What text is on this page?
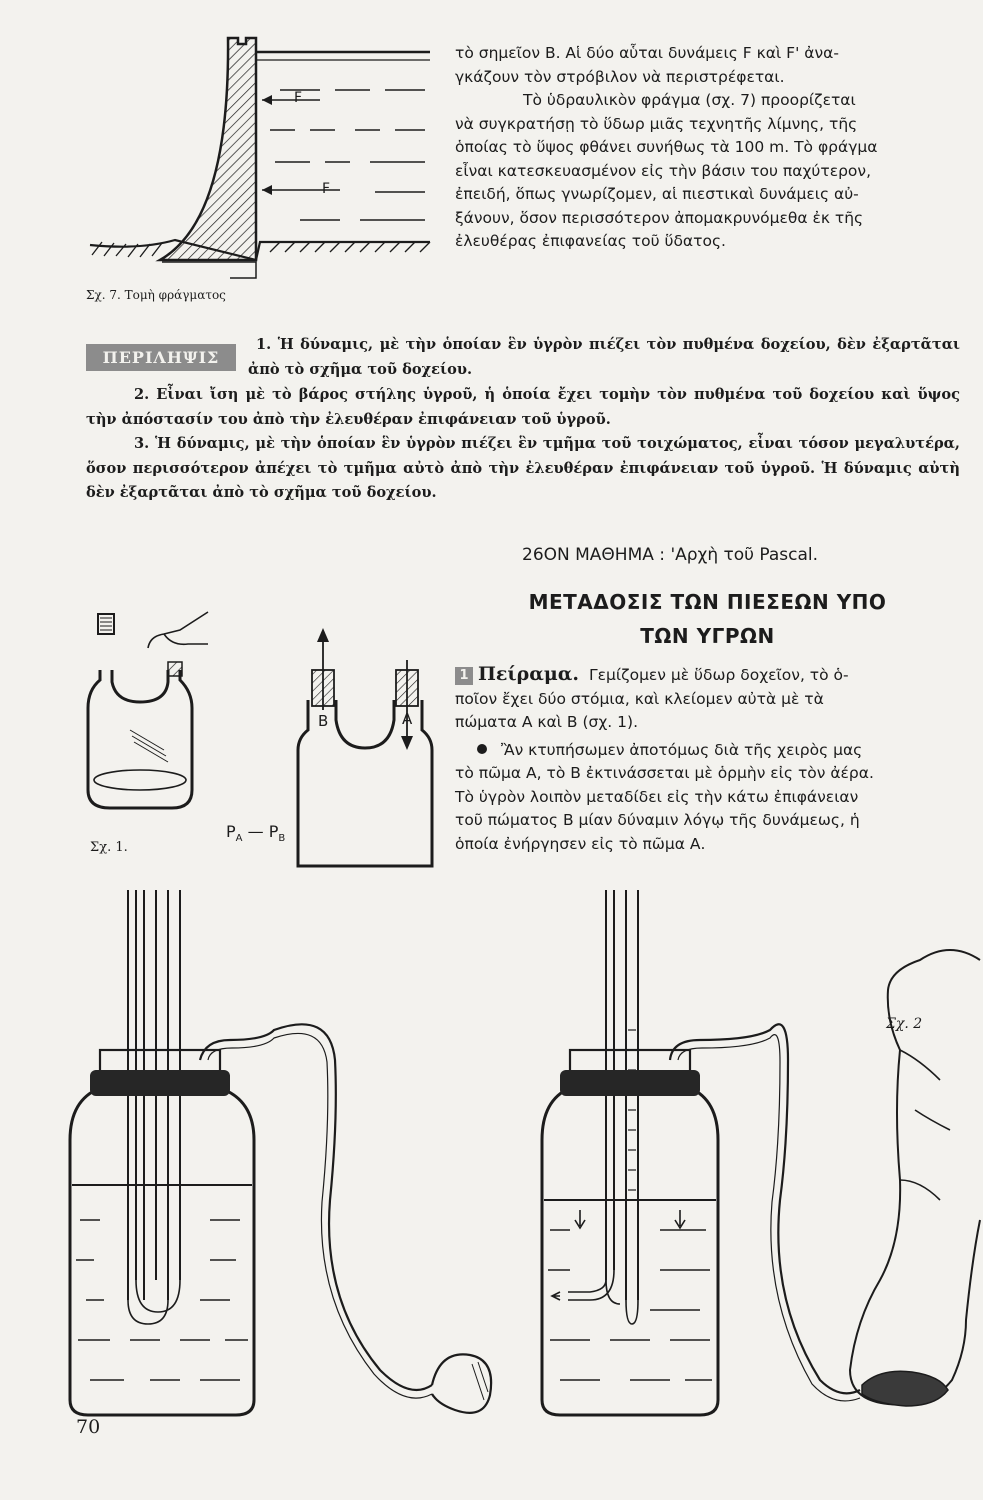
F
F
Σχ. 7. Τομὴ φράγματος

τὸ σημεῖον Β. Αἱ δύο αὗται δυνάμεις F καὶ F' ἀνα-

γκάζουν τὸν στρόβιλον νὰ περιστρέφεται.

Τὸ ὑδραυλικὸν φράγμα (σχ. 7) προορίζεται

νὰ συγκρατήσῃ τὸ ὕδωρ μιᾶς τεχνητῆς λίμνης, τῆς

ὁποίας τὸ ὕψος φθάνει συνήθως τὰ 100 m. Τὸ φράγμα

εἶναι κατεσκευασμένον εἰς τὴν βάσιν του παχύτερον,

ἐπειδή, ὅπως γνωρίζομεν, αἱ πιεστικαὶ δυνάμεις αὐ-

ξάνουν, ὅσον περισσότερον ἀπομακρυνόμεθα ἐκ τῆς

ἐλευθέρας ἐπιφανείας τοῦ ὕδατος.

ΠΕΡΙΛΗΨΙΣ
1. Ἡ δύναμις, μὲ τὴν ὁποίαν ἓν ὑγρὸν πιέζει τὸν πυθμένα δοχείου, δὲν ἐξαρτᾶται ἀπὸ τὸ σχῆμα τοῦ δοχείου.

2. Εἶναι ἴση μὲ τὸ βάρος στήλης ὑγροῦ, ἡ ὁποία ἔχει τομὴν τὸν πυθμένα τοῦ δοχείου καὶ ὕψος τὴν ἀπόστασίν του ἀπὸ τὴν ἐλευθέραν ἐπιφάνειαν τοῦ ὑγροῦ.

3. Ἡ δύναμις, μὲ τὴν ὁποίαν ἓν ὑγρὸν πιέζει ἓν τμῆμα τοῦ τοιχώματος, εἶναι τόσον μεγαλυτέρα, ὅσον περισσότερον ἀπέχει τὸ τμῆμα αὐτὸ ἀπὸ τὴν ἐλευθέραν ἐπιφάνειαν τοῦ ὑγροῦ. Ἡ δύναμις αὐτὴ δὲν ἐξαρτᾶται ἀπὸ τὸ σχῆμα τοῦ δοχείου.

26ΟΝ ΜΑΘΗΜΑ : 'Αρχὴ τοῦ Pascal.
ΜΕΤΑΔΟΣΙΣ ΤΩΝ ΠΙΕΣΕΩΝ ΥΠΟ
ΤΩΝ ΥΓΡΩΝ

1 Πείραμα. Γεμίζομεν μὲ ὕδωρ δοχεῖον, τὸ ὁ-

ποῖον ἔχει δύο στόμια, καὶ κλείομεν αὐτὰ μὲ τὰ

πώματα Α καὶ Β (σχ. 1).

Ἂν κτυπήσωμεν ἀποτόμως διὰ τῆς χειρὸς μας

τὸ πῶμα Α, τὸ Β ἐκτινάσσεται μὲ ὁρμὴν εἰς τὸν ἀέρα.

Τὸ ὑγρὸν λοιπὸν μεταδίδει εἰς τὴν κάτω ἐπιφάνειαν

τοῦ πώματος Β μίαν δύναμιν λόγῳ τῆς δυνάμεως, ἡ

ὁποία ἐνήργησεν εἰς τὸ πῶμα Α.

Σχ. 1.
B	A
$P_A$ — $P_B$
Σχ. 2
70
